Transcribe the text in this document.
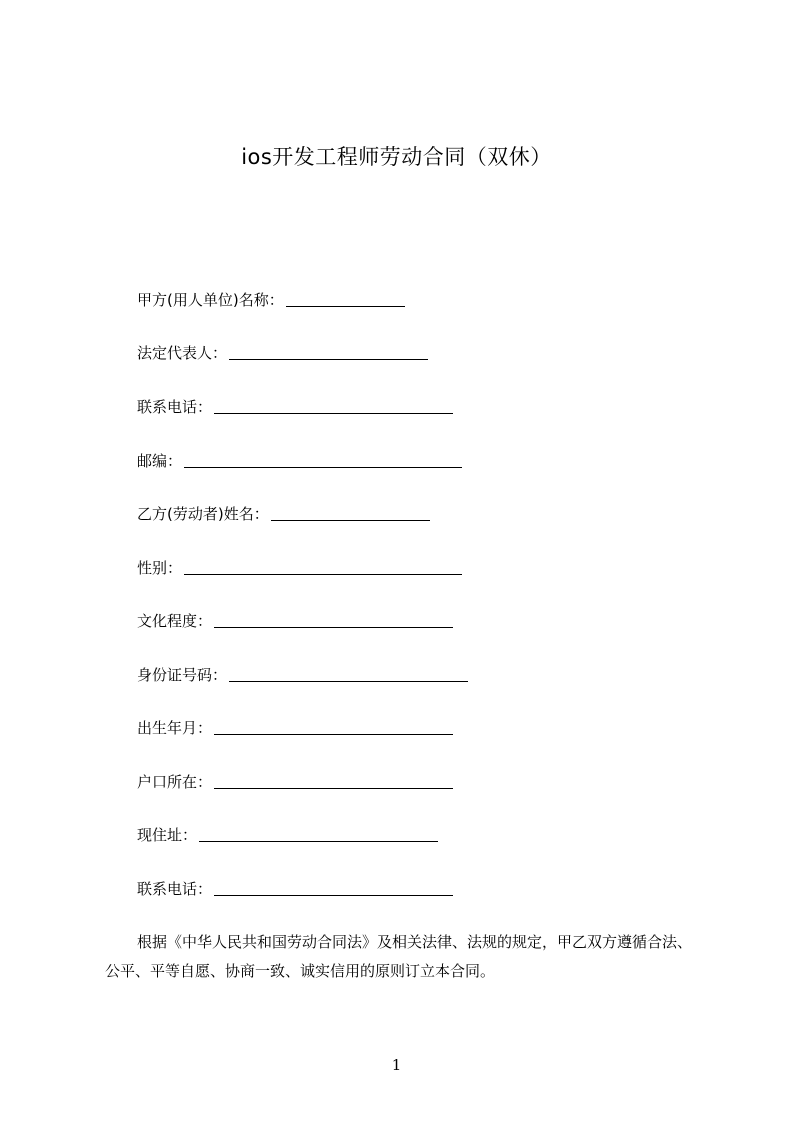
ios开发工程师劳动合同（双休）
甲方(用人单位)名称：
法定代表人：
联系电话：
邮编：
乙方(劳动者)姓名：
性别：
文化程度：
身份证号码：
出生年月：
户口所在：
现住址：
联系电话：
根据《中华人民共和国劳动合同法》及相关法律、法规的规定，甲乙双方遵循合法、公平、平等自愿、协商一致、诚实信用的原则订立本合同。
1
